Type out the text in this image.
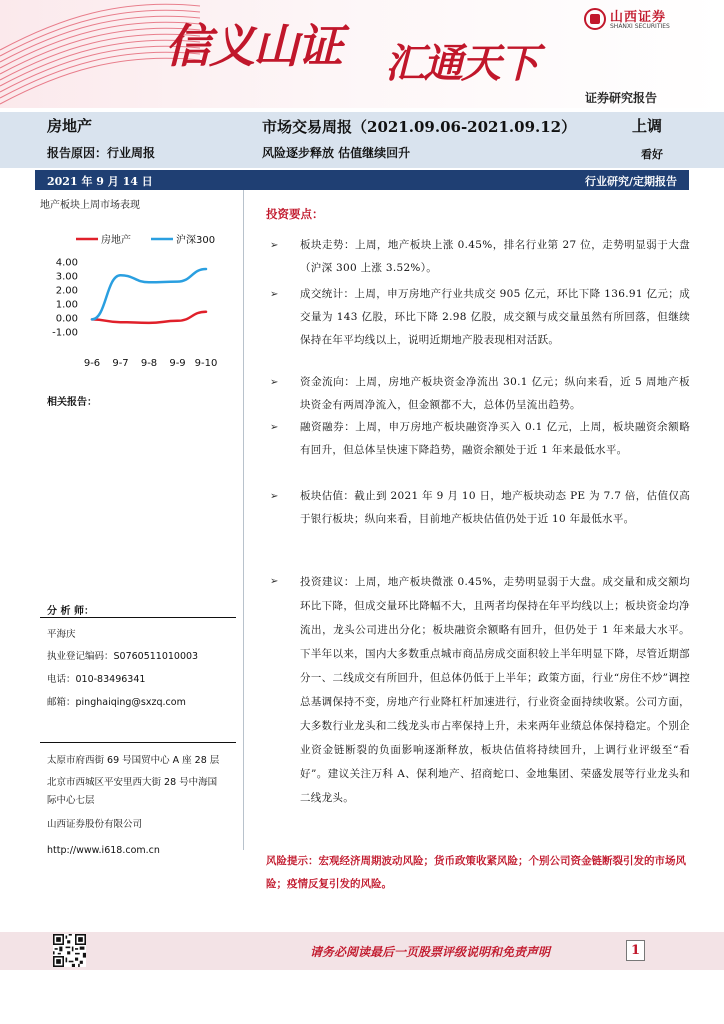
信义山证 汇通天下
山西证券
SHANXI SECURITIES
证券研究报告
房地产
报告原因：行业周报
市场交易周报（2021.09.06-2021.09.12）
风险逐步释放 估值继续回升
上调
看好
2021 年 9 月 14 日	行业研究/定期报告
地产板块上周市场表现
房地产	沪深300
4.00
3.00
2.00
1.00
0.00
-1.00
9-6 9-7 9-8 9-9 9-10
相关报告：
分 析 师：
平海庆
执业登记编码：S0760511010003
电话：010-83496341
邮箱：pinghaiqing@sxzq.com
太原市府西街 69 号国贸中心 A 座 28 层
北京市西城区平安里西大街 28 号中海国
际中心七层
山西证券股份有限公司
http://www.i618.com.cn
投资要点：
➢	板块走势：上周，地产板块上涨 0.45%，排名行业第 27 位，走势明显弱于大盘（沪深 300 上涨 3.52%）。
➢	成交统计：上周，申万房地产行业共成交 905 亿元，环比下降 136.91 亿元；成交量为 143 亿股，环比下降 2.98 亿股，成交额与成交量虽然有所回落，但继续保持在年平均线以上，说明近期地产股表现相对活跃。
➢	资金流向：上周，房地产板块资金净流出 30.1 亿元；纵向来看，近 5 周地产板块资金有两周净流入，但金额都不大，总体仍呈流出趋势。
➢	融资融券：上周，申万房地产板块融资净买入 0.1 亿元，上周，板块融资余额略有回升，但总体呈快速下降趋势，融资余额处于近 1 年来最低水平。
➢	板块估值：截止到 2021 年 9 月 10 日，地产板块动态 PE 为 7.7 倍，估值仅高于银行板块；纵向来看，目前地产板块估值仍处于近 10 年最低水平。
➢	投资建议：上周，地产板块微涨 0.45%，走势明显弱于大盘。成交量和成交额均环比下降，但成交量环比降幅不大，且两者均保持在年平均线以上；板块资金均净流出，龙头公司进出分化；板块融资余额略有回升，但仍处于 1 年来最大水平。下半年以来，国内大多数重点城市商品房成交面积较上半年明显下降，尽管近期部分一、二线成交有所回升，但总体仍低于上半年；政策方面，行业“房住不炒”调控总基调保持不变，房地产行业降杠杆加速进行，行业资金面持续收紧。公司方面，大多数行业龙头和二线龙头市占率保持上升，未来两年业绩总体保持稳定。个别企业资金链断裂的负面影响逐渐释放，板块估值将持续回升，上调行业评级至“看好”。建议关注万科 A、保利地产、招商蛇口、金地集团、荣盛发展等行业龙头和二线龙头。
风险提示：宏观经济周期波动风险；货币政策收紧风险；个别公司资金链断裂引发的市场风险；疫情反复引发的风险。
请务必阅读最后一页股票评级说明和免责声明	1
